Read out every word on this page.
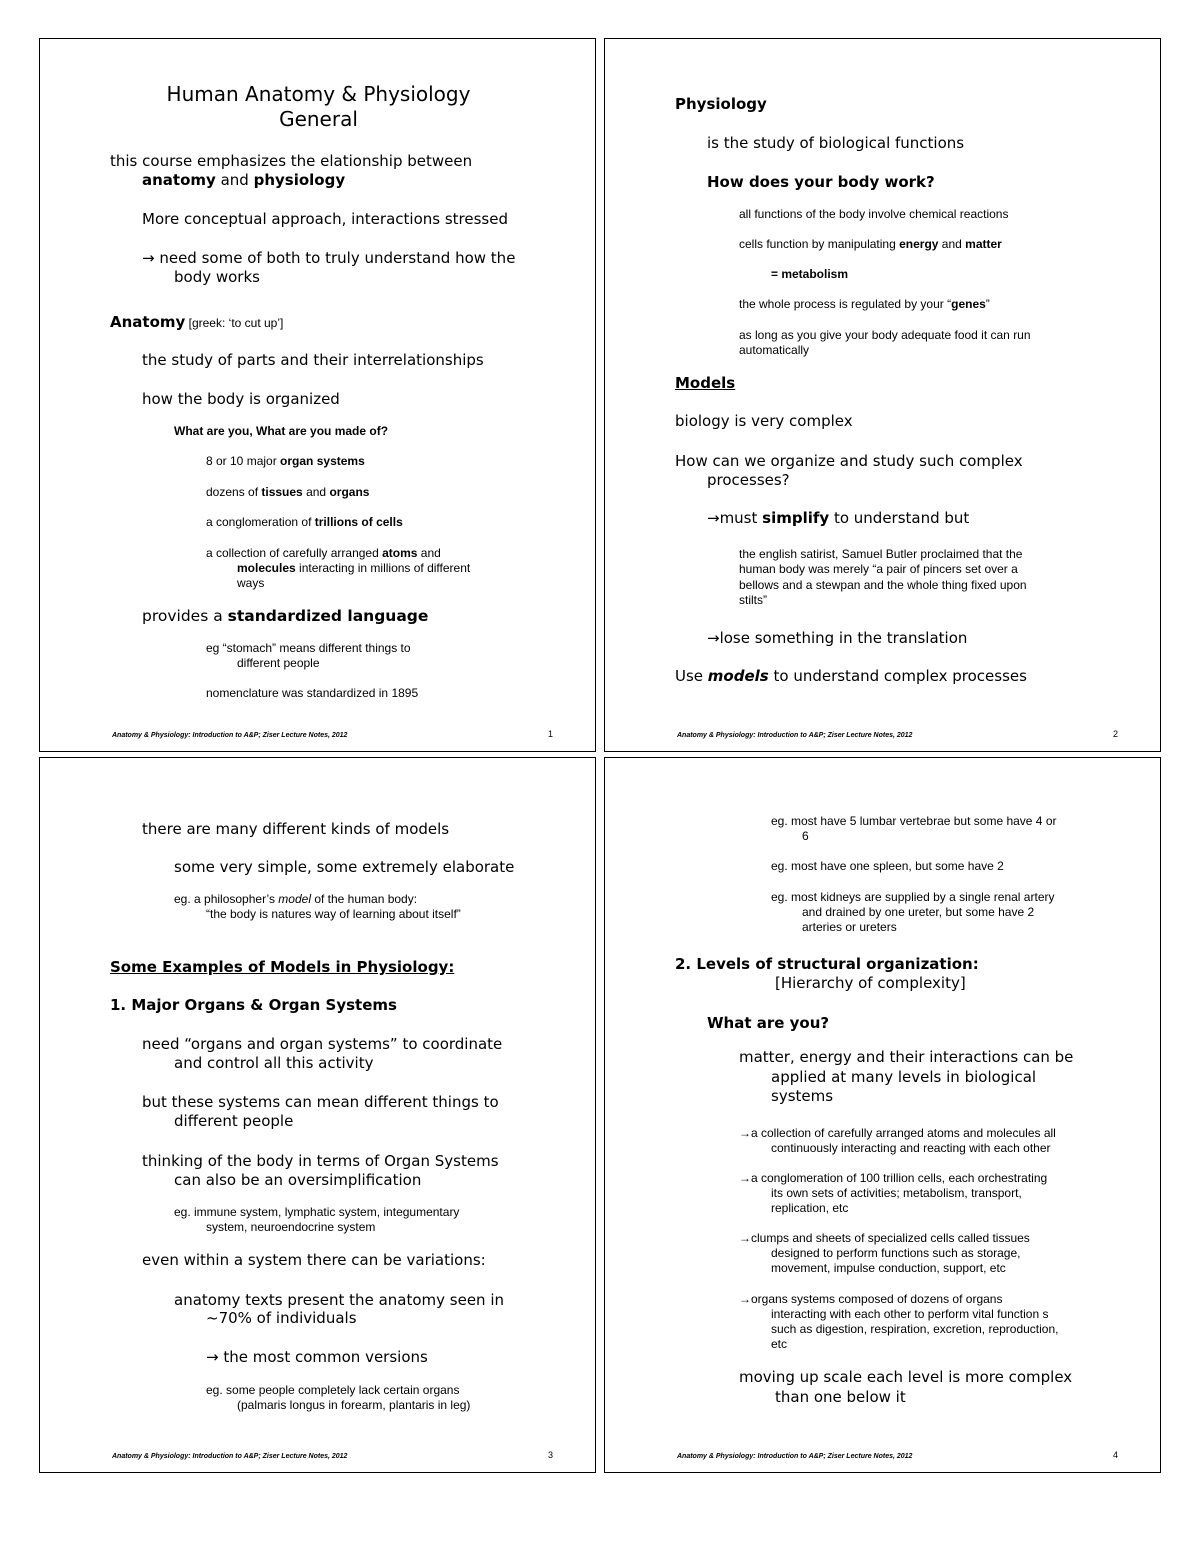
Human Anatomy & Physiology
General
this course emphasizes the elationship between
anatomy and physiology
More conceptual approach, interactions stressed
→ need some of both to truly understand how the
body works
Anatomy [greek: ‘to cut up’]
the study of parts and their interrelationships
how the body is organized
What are you, What are you made of?
8 or 10 major organ systems
dozens of tissues and organs
a conglomeration of trillions of cells
a collection of carefully arranged atoms and
molecules interacting in millions of different
ways
provides a standardized language
eg “stomach” means different things to
different people
nomenclature was standardized in 1895
Anatomy & Physiology: Introduction to A&P; Ziser Lecture Notes, 2012	1
Physiology
is the study of biological functions
How does your body work?
all functions of the body involve chemical reactions
cells function by manipulating energy and matter
= metabolism
the whole process is regulated by your “genes”
as long as you give your body adequate food it can run
automatically
Models
biology is very complex
How can we organize and study such complex
processes?
→must simplify to understand but
the english satirist, Samuel Butler proclaimed that the
human body was merely “a pair of pincers set over a
bellows and a stewpan and the whole thing fixed upon
stilts”
→lose something in the translation
Use models to understand complex processes
Anatomy & Physiology: Introduction to A&P; Ziser Lecture Notes, 2012	2
there are many different kinds of models
some very simple, some extremely elaborate
eg. a philosopher’s model of the human body:
“the body is natures way of learning about itself”
Some Examples of Models in Physiology:
1. Major Organs & Organ Systems
need “organs and organ systems” to coordinate
and control all this activity
but these systems can mean different things to
different people
thinking of the body in terms of Organ Systems
can also be an oversimplification
eg. immune system, lymphatic system, integumentary
system, neuroendocrine system
even within a system there can be variations:
anatomy texts present the anatomy seen in
~70% of individuals
→ the most common versions
eg. some people completely lack certain organs
(palmaris longus in forearm, plantaris in leg)
Anatomy & Physiology: Introduction to A&P; Ziser Lecture Notes, 2012	3
eg. most have 5 lumbar vertebrae but some have 4 or
6
eg. most have one spleen, but some have 2
eg. most kidneys are supplied by a single renal artery
and drained by one ureter, but some have 2
arteries or ureters
2. Levels of structural organization:
[Hierarchy of complexity]
What are you?
matter, energy and their interactions can be
applied at many levels in biological
systems
→a collection of carefully arranged atoms and molecules all
continuously interacting and reacting with each other
→a conglomeration of 100 trillion cells, each orchestrating
its own sets of activities; metabolism, transport,
replication, etc
→clumps and sheets of specialized cells called tissues
designed to perform functions such as storage,
movement, impulse conduction, support, etc
→organs systems composed of dozens of organs
interacting with each other to perform vital function s
such as digestion, respiration, excretion, reproduction,
etc
moving up scale each level is more complex
than one below it
Anatomy & Physiology: Introduction to A&P; Ziser Lecture Notes, 2012	4
